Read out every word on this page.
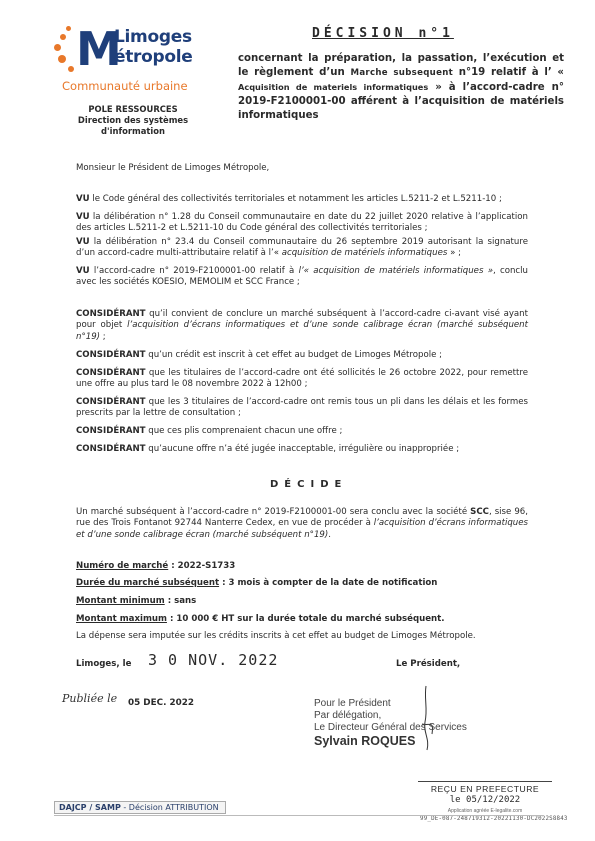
M
Limoges
étropole
Communauté urbaine
POLE RESSOURCES
Direction des systèmes
d'information
DÉCISION n°1
concernant la préparation, la passation, l’exécution et le règlement d’un Marche subsequent n°19 relatif à l’ « Acquisition de materiels informatiques » à l’accord-cadre n° 2019-F2100001-00 afférent à l’acquisition de matériels informatiques
Monsieur le Président de Limoges Métropole,
VU le Code général des collectivités territoriales et notamment les articles L.5211-2 et L.5211-10 ;
VU la délibération n° 1.28 du Conseil communautaire en date du 22 juillet 2020 relative à l’application des articles L.5211-2 et L.5211-10 du Code général des collectivités territoriales ;
VU la délibération n° 23.4 du Conseil communautaire du 26 septembre 2019 autorisant la signature d’un accord-cadre multi-attributaire relatif à l’« acquisition de matériels informatiques » ;
VU l’accord-cadre n° 2019-F2100001-00 relatif à l’« acquisition de matériels informatiques », conclu avec les sociétés KOESIO, MEMOLIM et SCC France ;
CONSIDÉRANT qu’il convient de conclure un marché subséquent à l’accord-cadre ci-avant visé ayant pour objet l’acquisition d’écrans informatiques et d’une sonde calibrage écran (marché subséquent n°19) ;
CONSIDÉRANT qu’un crédit est inscrit à cet effet au budget de Limoges Métropole ;
CONSIDÉRANT que les titulaires de l’accord-cadre ont été sollicités le 26 octobre 2022, pour remettre une offre au plus tard le 08 novembre 2022 à 12h00 ;
CONSIDÉRANT que les 3 titulaires de l’accord-cadre ont remis tous un pli dans les délais et les formes prescrits par la lettre de consultation ;
CONSIDÉRANT que ces plis comprenaient chacun une offre ;
CONSIDÉRANT qu’aucune offre n’a été jugée inacceptable, irrégulière ou inappropriée ;
DÉCIDE
Un marché subséquent à l’accord-cadre n° 2019-F2100001-00 sera conclu avec la société SCC, sise 96, rue des Trois Fontanot 92744 Nanterre Cedex, en vue de procéder à l’acquisition d’écrans informatiques et d’une sonde calibrage écran (marché subséquent n°19).
Numéro de marché : 2022-S1733
Durée du marché subséquent : 3 mois à compter de la date de notification
Montant minimum : sans
Montant maximum : 10 000 € HT sur la durée totale du marché subséquent.
La dépense sera imputée sur les crédits inscrits à cet effet au budget de Limoges Métropole.
Limoges, le 3 0 NOV. 2022	Le Président,
Publiée le 05 DEC. 2022	Pour le Président
Par délégation,
Le Directeur Général des Services
Sylvain ROQUES
REÇU EN PREFECTURE
le 05/12/2022
Application agréée E-legalite.com
99_DE-087-248719312-20221130-DC2022S8843
DAJCP / SAMP - Décision ATTRIBUTION
